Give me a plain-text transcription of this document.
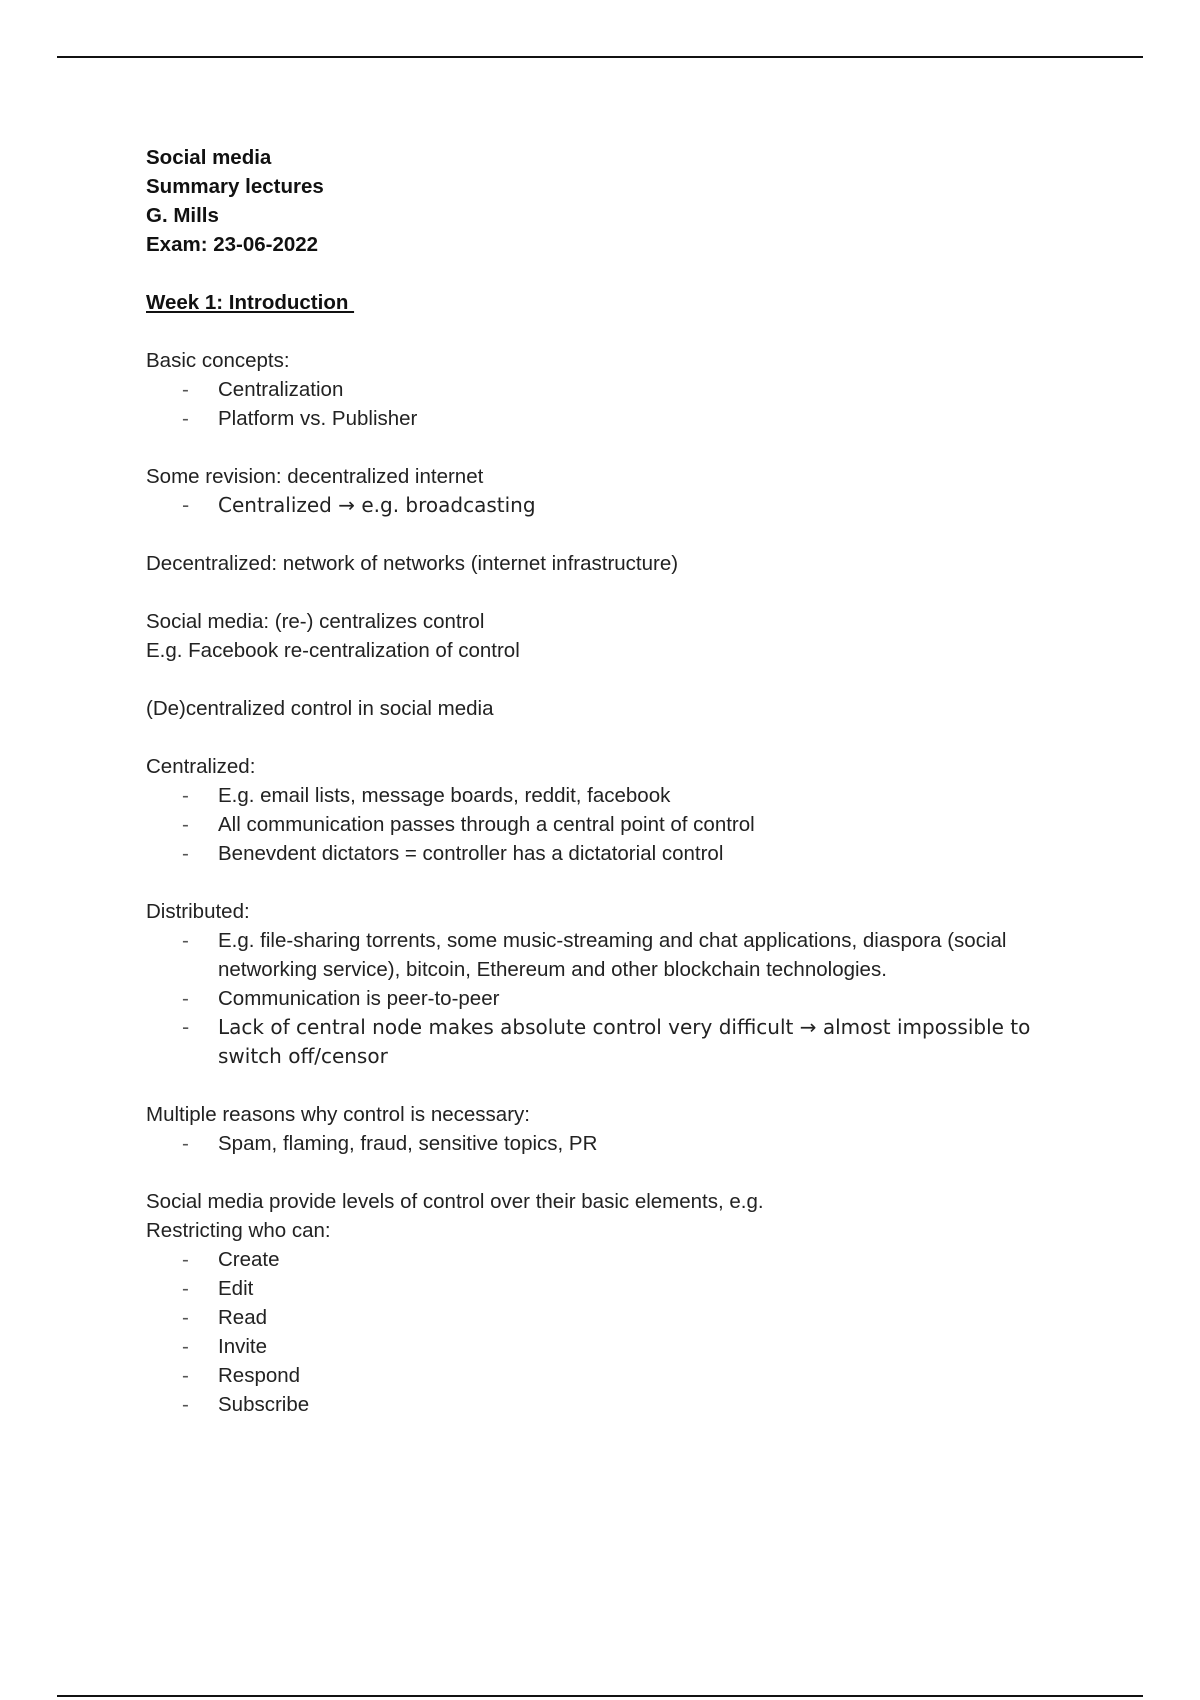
Social media
Summary lectures
G. Mills
Exam: 23-06-2022
Week 1: Introduction
Basic concepts:
- Centralization
- Platform vs. Publisher
Some revision: decentralized internet
- Centralized → e.g. broadcasting
Decentralized: network of networks (internet infrastructure)
Social media: (re-) centralizes control
E.g. Facebook re-centralization of control
(De)centralized control in social media
Centralized:
- E.g. email lists, message boards, reddit, facebook
- All communication passes through a central point of control
- Benevdent dictators = controller has a dictatorial control
Distributed:
- E.g. file-sharing torrents, some music-streaming and chat applications, diaspora (social networking service), bitcoin, Ethereum and other blockchain technologies.
- Communication is peer-to-peer
- Lack of central node makes absolute control very difficult → almost impossible to switch off/censor
Multiple reasons why control is necessary:
- Spam, flaming, fraud, sensitive topics, PR
Social media provide levels of control over their basic elements, e.g.
Restricting who can:
- Create
- Edit
- Read
- Invite
- Respond
- Subscribe
